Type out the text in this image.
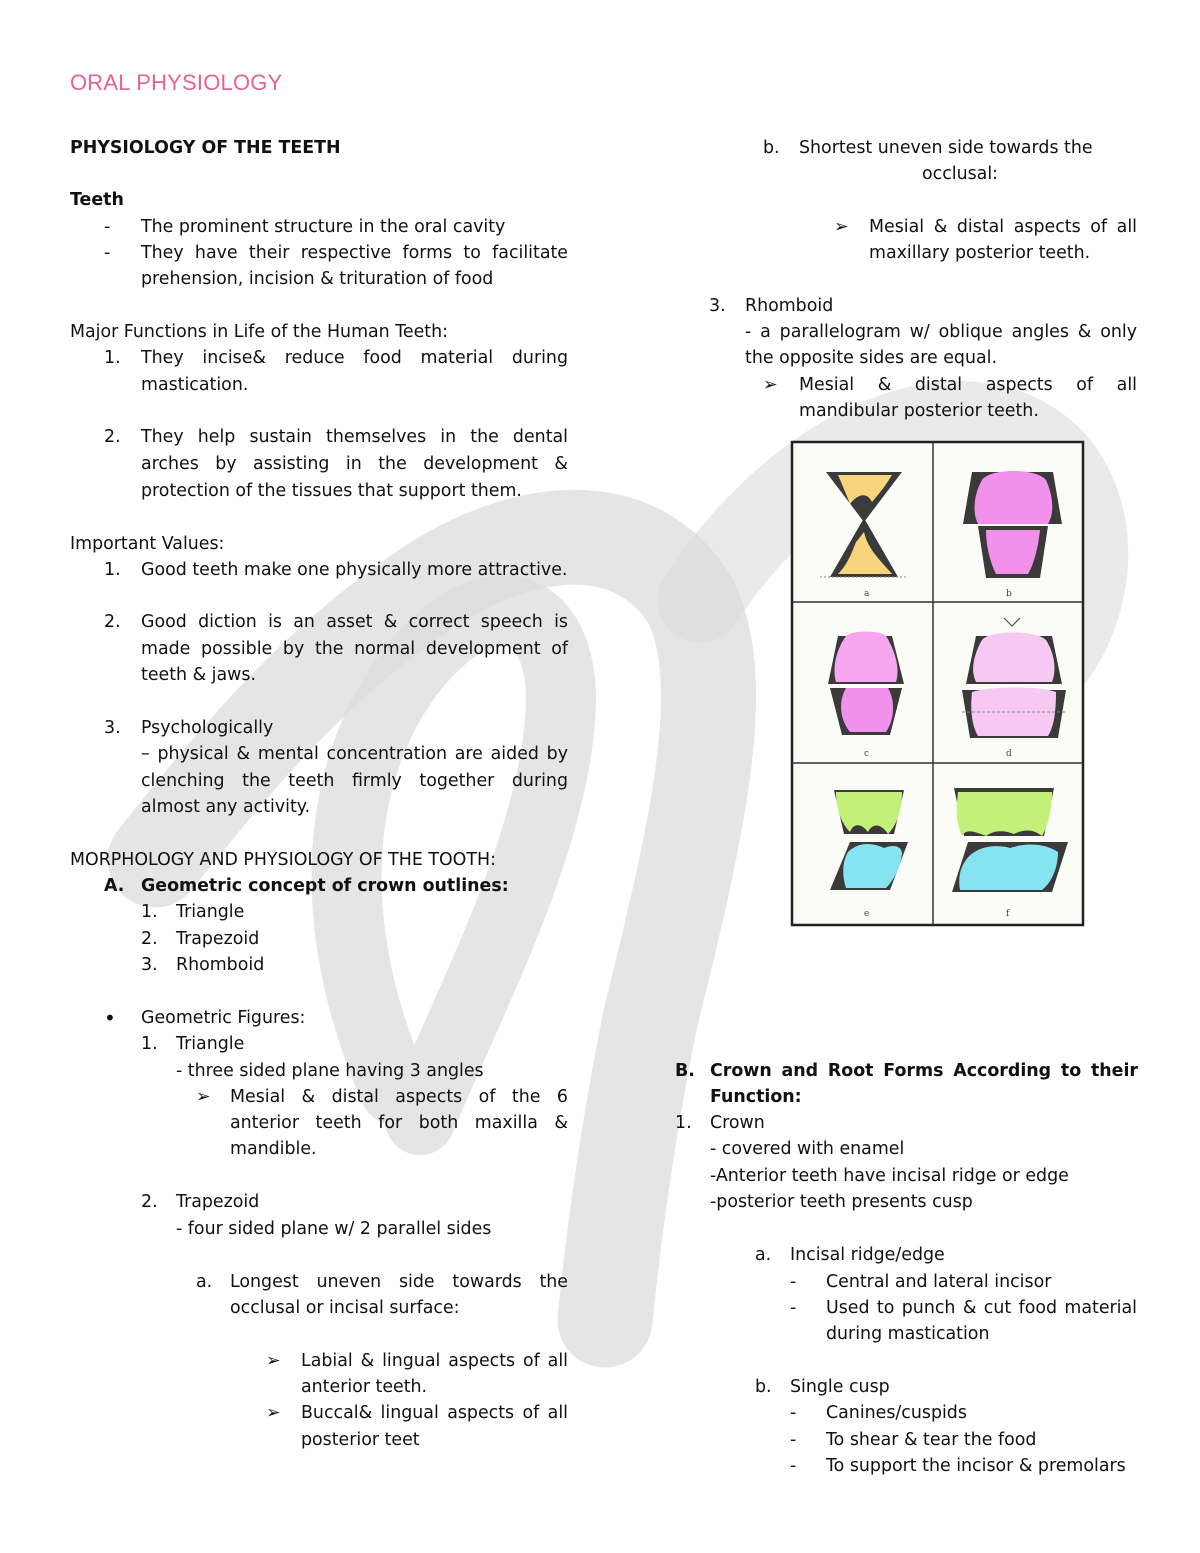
ORAL PHYSIOLOGY
PHYSIOLOGY OF THE TEETH
Teeth
- The prominent structure in the oral cavity
- They have their respective forms to facilitate
prehension, incision & trituration of food
Major Functions in Life of the Human Teeth:
1. They incise& reduce food material during
mastication.
2. They help sustain themselves in the dental
arches by assisting in the development &
protection of the tissues that support them.
Important Values:
1. Good teeth make one physically more attractive.
2. Good diction is an asset & correct speech is
made possible by the normal development of
teeth & jaws.
3. Psychologically
– physical & mental concentration are aided by
clenching the teeth firmly together during
almost any activity.
MORPHOLOGY AND PHYSIOLOGY OF THE TOOTH:
A. Geometric concept of crown outlines:
1. Triangle
2. Trapezoid
3. Rhomboid
• Geometric Figures:
1. Triangle
- three sided plane having 3 angles
➢ Mesial & distal aspects of the 6
anterior teeth for both maxilla &
mandible.
2. Trapezoid
- four sided plane w/ 2 parallel sides
a. Longest uneven side towards the
occlusal or incisal surface:
➢ Labial & lingual aspects of all
anterior teeth.
➢ Buccal& lingual aspects of all
posterior teet
b. Shortest uneven side towards the
occlusal:
➢ Mesial & distal aspects of all
maxillary posterior teeth.
3. Rhomboid
- a parallelogram w/ oblique angles & only
the opposite sides are equal.
➢ Mesial & distal aspects of all
mandibular posterior teeth.
B. Crown and Root Forms According to their
Function:
1. Crown
- covered with enamel
-Anterior teeth have incisal ridge or edge
-posterior teeth presents cusp
a. Incisal ridge/edge
- Central and lateral incisor
- Used to punch & cut food material
during mastication
b. Single cusp
- Canines/cuspids
- To shear & tear the food
- To support the incisor & premolars
a	b
c	d
e	f
